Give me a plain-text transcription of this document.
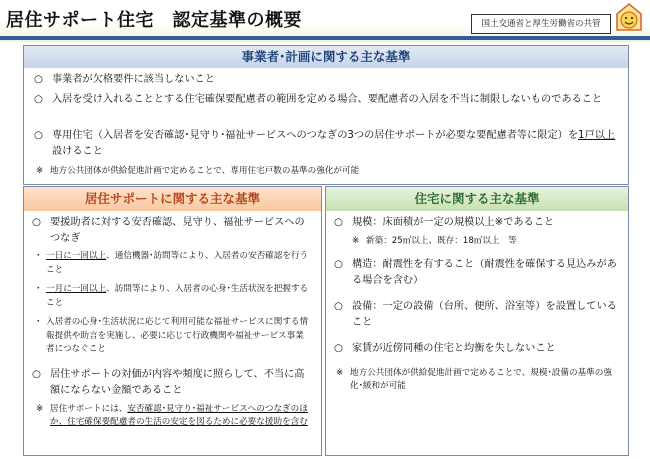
居住サポート住宅　認定基準の概要	国土交通省と厚生労働省の共管
事業者･計画に関する主な基準
○ 事業者が欠格要件に該当しないこと
○ 入居を受け入れることとする住宅確保要配慮者の範囲を定める場合、要配慮者の入居を不当に制限しないものであること
○ 専用住宅（入居者を安否確認･見守り･福祉サービスへのつなぎの3つの居住サポートが必要な要配慮者等に限定）を1戸以上設けること
※ 地方公共団体が供給促進計画で定めることで、専用住宅戸数の基準の強化が可能
居住サポートに関する主な基準
○ 要援助者に対する安否確認、見守り、福祉サービスへのつなぎ
・ 一日に一回以上、通信機器･訪問等により、入居者の安否確認を行うこと
・ 一月に一回以上、訪問等により、入居者の心身･生活状況を把握すること
・ 入居者の心身･生活状況に応じて利用可能な福祉サービスに関する情報提供や助言を実施し、必要に応じて行政機関や福祉サービス事業者につなぐこと
○ 居住サポートの対価が内容や頻度に照らして、不当に高額にならない金額であること
※ 居住サポートには、安否確認･見守り･福祉サービスへのつなぎのほか、住宅確保要配慮者の生活の安定を図るために必要な援助を含む
住宅に関する主な基準
○ 規模：床面積が一定の規模以上※であること
※ 新築：25㎡以上、既存：18㎡以上　等
○ 構造：耐震性を有すること（耐震性を確保する見込みがある場合を含む）
○ 設備：一定の設備（台所、便所、浴室等）を設置していること
○ 家賃が近傍同種の住宅と均衡を失しないこと
※ 地方公共団体が供給促進計画で定めることで、規模･設備の基準の強化･緩和が可能
